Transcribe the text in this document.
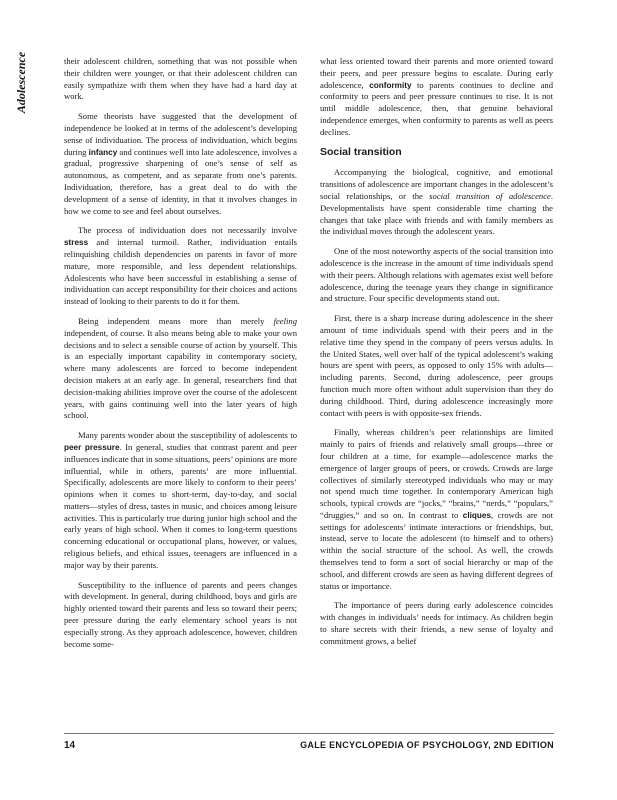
Adolescence	their adolescent children, something that was not possible when their children were younger, or that their adolescent children can easily sympathize with them when they have had a hard day at work.

Some theorists have suggested that the development of independence be looked at in terms of the adolescent’s developing sense of individuation. The process of individuation, which begins during infancy and continues well into late adolescence, involves a gradual, progressive sharpening of one’s sense of self as autonomous, as competent, and as separate from one’s parents. Individuation, therefore, has a great deal to do with the development of a sense of identity, in that it involves changes in how we come to see and feel about ourselves.

The process of individuation does not necessarily involve stress and internal turmoil. Rather, individuation entails relinquishing childish dependencies on parents in favor of more mature, more responsible, and less dependent relationships. Adolescents who have been successful in establishing a sense of individuation can accept responsibility for their choices and actions instead of looking to their parents to do it for them.

Being independent means more than merely feeling independent, of course. It also means being able to make your own decisions and to select a sensible course of action by yourself. This is an especially important capability in contemporary society, where many adolescents are forced to become independent decision makers at an early age. In general, researchers find that decision-making abilities improve over the course of the adolescent years, with gains continuing well into the later years of high school.

Many parents wonder about the susceptibility of adolescents to peer pressure. In general, studies that contrast parent and peer influences indicate that in some situations, peers’ opinions are more influential, while in others, parents’ are more influential. Specifically, adolescents are more likely to conform to their peers’ opinions when it comes to short-term, day-to-day, and social matters—styles of dress, tastes in music, and choices among leisure activities. This is particularly true during junior high school and the early years of high school. When it comes to long-term questions concerning educational or occupational plans, however, or values, religious beliefs, and ethical issues, teenagers are influenced in a major way by their parents.

Susceptibility to the influence of parents and peers changes with development. In general, during childhood, boys and girls are highly oriented toward their parents and less so toward their peers; peer pressure during the early elementary school years is not especially strong. As they approach adolescence, however, children become some-

what less oriented toward their parents and more oriented toward their peers, and peer pressure begins to escalate. During early adolescence, conformity to parents continues to decline and conformity to peers and peer pressure continues to rise. It is not until middle adolescence, then, that genuine behavioral independence emerges, when conformity to parents as well as peers declines.

Social transition

Accompanying the biological, cognitive, and emotional transitions of adolescence are important changes in the adolescent’s social relationships, or the social transition of adolescence. Developmentalists have spent considerable time charting the changes that take place with friends and with family members as the individual moves through the adolescent years.

One of the most noteworthy aspects of the social transition into adolescence is the increase in the amount of time individuals spend with their peers. Although relations with agemates exist well before adolescence, during the teenage years they change in significance and structure. Four specific developments stand out.

First, there is a sharp increase during adolescence in the sheer amount of time individuals spend with their peers and in the relative time they spend in the company of peers versus adults. In the United States, well over half of the typical adolescent’s waking hours are spent with peers, as opposed to only 15% with adults—including parents. Second, during adolescence, peer groups function much more often without adult supervision than they do during childhood. Third, during adolescence increasingly more contact with peers is with opposite-sex friends.

Finally, whereas children’s peer relationships are limited mainly to pairs of friends and relatively small groups—three or four children at a time, for example—adolescence marks the emergence of larger groups of peers, or crowds. Crowds are large collectives of similarly stereotyped individuals who may or may not spend much time together. In contemporary American high schools, typical crowds are “jocks,” “brains,” “nerds,” “populars,” “druggies,” and so on. In contrast to cliques, crowds are not settings for adolescents’ intimate interactions or friendships, but, instead, serve to locate the adolescent (to himself and to others) within the social structure of the school. As well, the crowds themselves tend to form a sort of social hierarchy or map of the school, and different crowds are seen as having different degrees of status or importance.

The importance of peers during early adolescence coincides with changes in individuals’ needs for intimacy. As children begin to share secrets with their friends, a new sense of loyalty and commitment grows, a belief

14	GALE ENCYCLOPEDIA OF PSYCHOLOGY, 2ND EDITION
